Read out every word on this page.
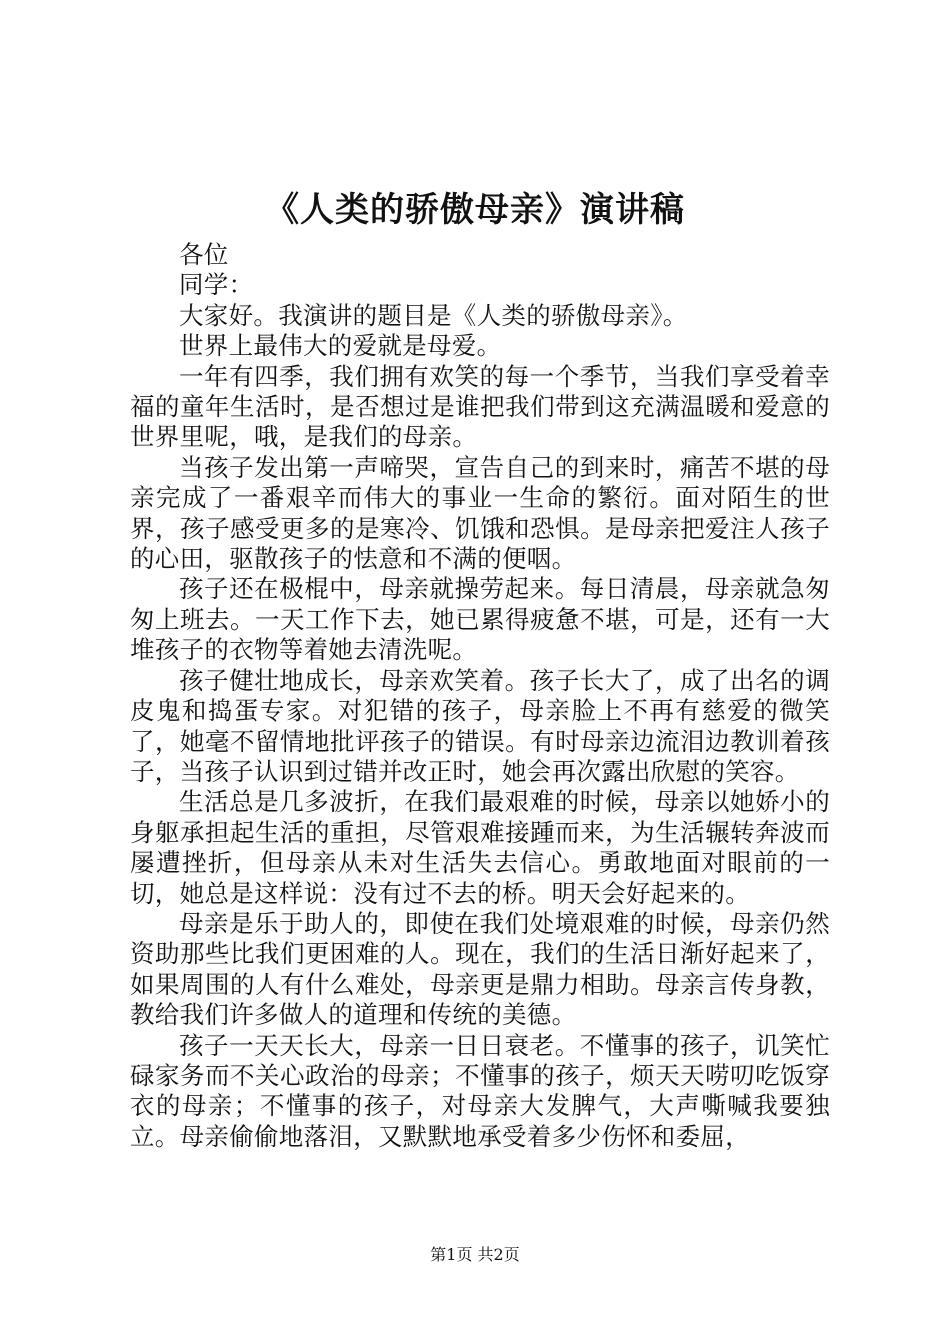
《人类的骄傲母亲》演讲稿

各位

同学：

大家好。我演讲的题目是《人类的骄傲母亲》。

世界上最伟大的爱就是母爱。

一年有四季，我们拥有欢笑的每一个季节，当我们享受着幸福的童年生活时，是否想过是谁把我们带到这充满温暖和爱意的世界里呢，哦，是我们的母亲。

当孩子发出第一声啼哭，宣告自己的到来时，痛苦不堪的母亲完成了一番艰辛而伟大的事业一生命的繁衍。面对陌生的世界，孩子感受更多的是寒冷、饥饿和恐惧。是母亲把爱注人孩子的心田，驱散孩子的怯意和不满的便咽。

孩子还在极棍中，母亲就操劳起来。每日清晨，母亲就急匆匆上班去。一天工作下去，她已累得疲惫不堪，可是，还有一大堆孩子的衣物等着她去清洗呢。

孩子健壮地成长，母亲欢笑着。孩子长大了，成了出名的调皮鬼和捣蛋专家。对犯错的孩子，母亲脸上不再有慈爱的微笑了，她毫不留情地批评孩子的错误。有时母亲边流泪边教训着孩子，当孩子认识到过错并改正时，她会再次露出欣慰的笑容。

生活总是几多波折，在我们最艰难的时候，母亲以她娇小的身躯承担起生活的重担，尽管艰难接踵而来，为生活辗转奔波而屡遭挫折，但母亲从未对生活失去信心。勇敢地面对眼前的一切，她总是这样说：没有过不去的桥。明天会好起来的。

母亲是乐于助人的，即使在我们处境艰难的时候，母亲仍然资助那些比我们更困难的人。现在，我们的生活日渐好起来了，如果周围的人有什么难处，母亲更是鼎力相助。母亲言传身教，教给我们许多做人的道理和传统的美德。

孩子一天天长大，母亲一日日衰老。不懂事的孩子，讥笑忙碌家务而不关心政治的母亲；不懂事的孩子，烦天天唠叨吃饭穿衣的母亲；不懂事的孩子，对母亲大发脾气，大声嘶喊我要独立。母亲偷偷地落泪，又默默地承受着多少伤怀和委屈，

第1页 共2页
